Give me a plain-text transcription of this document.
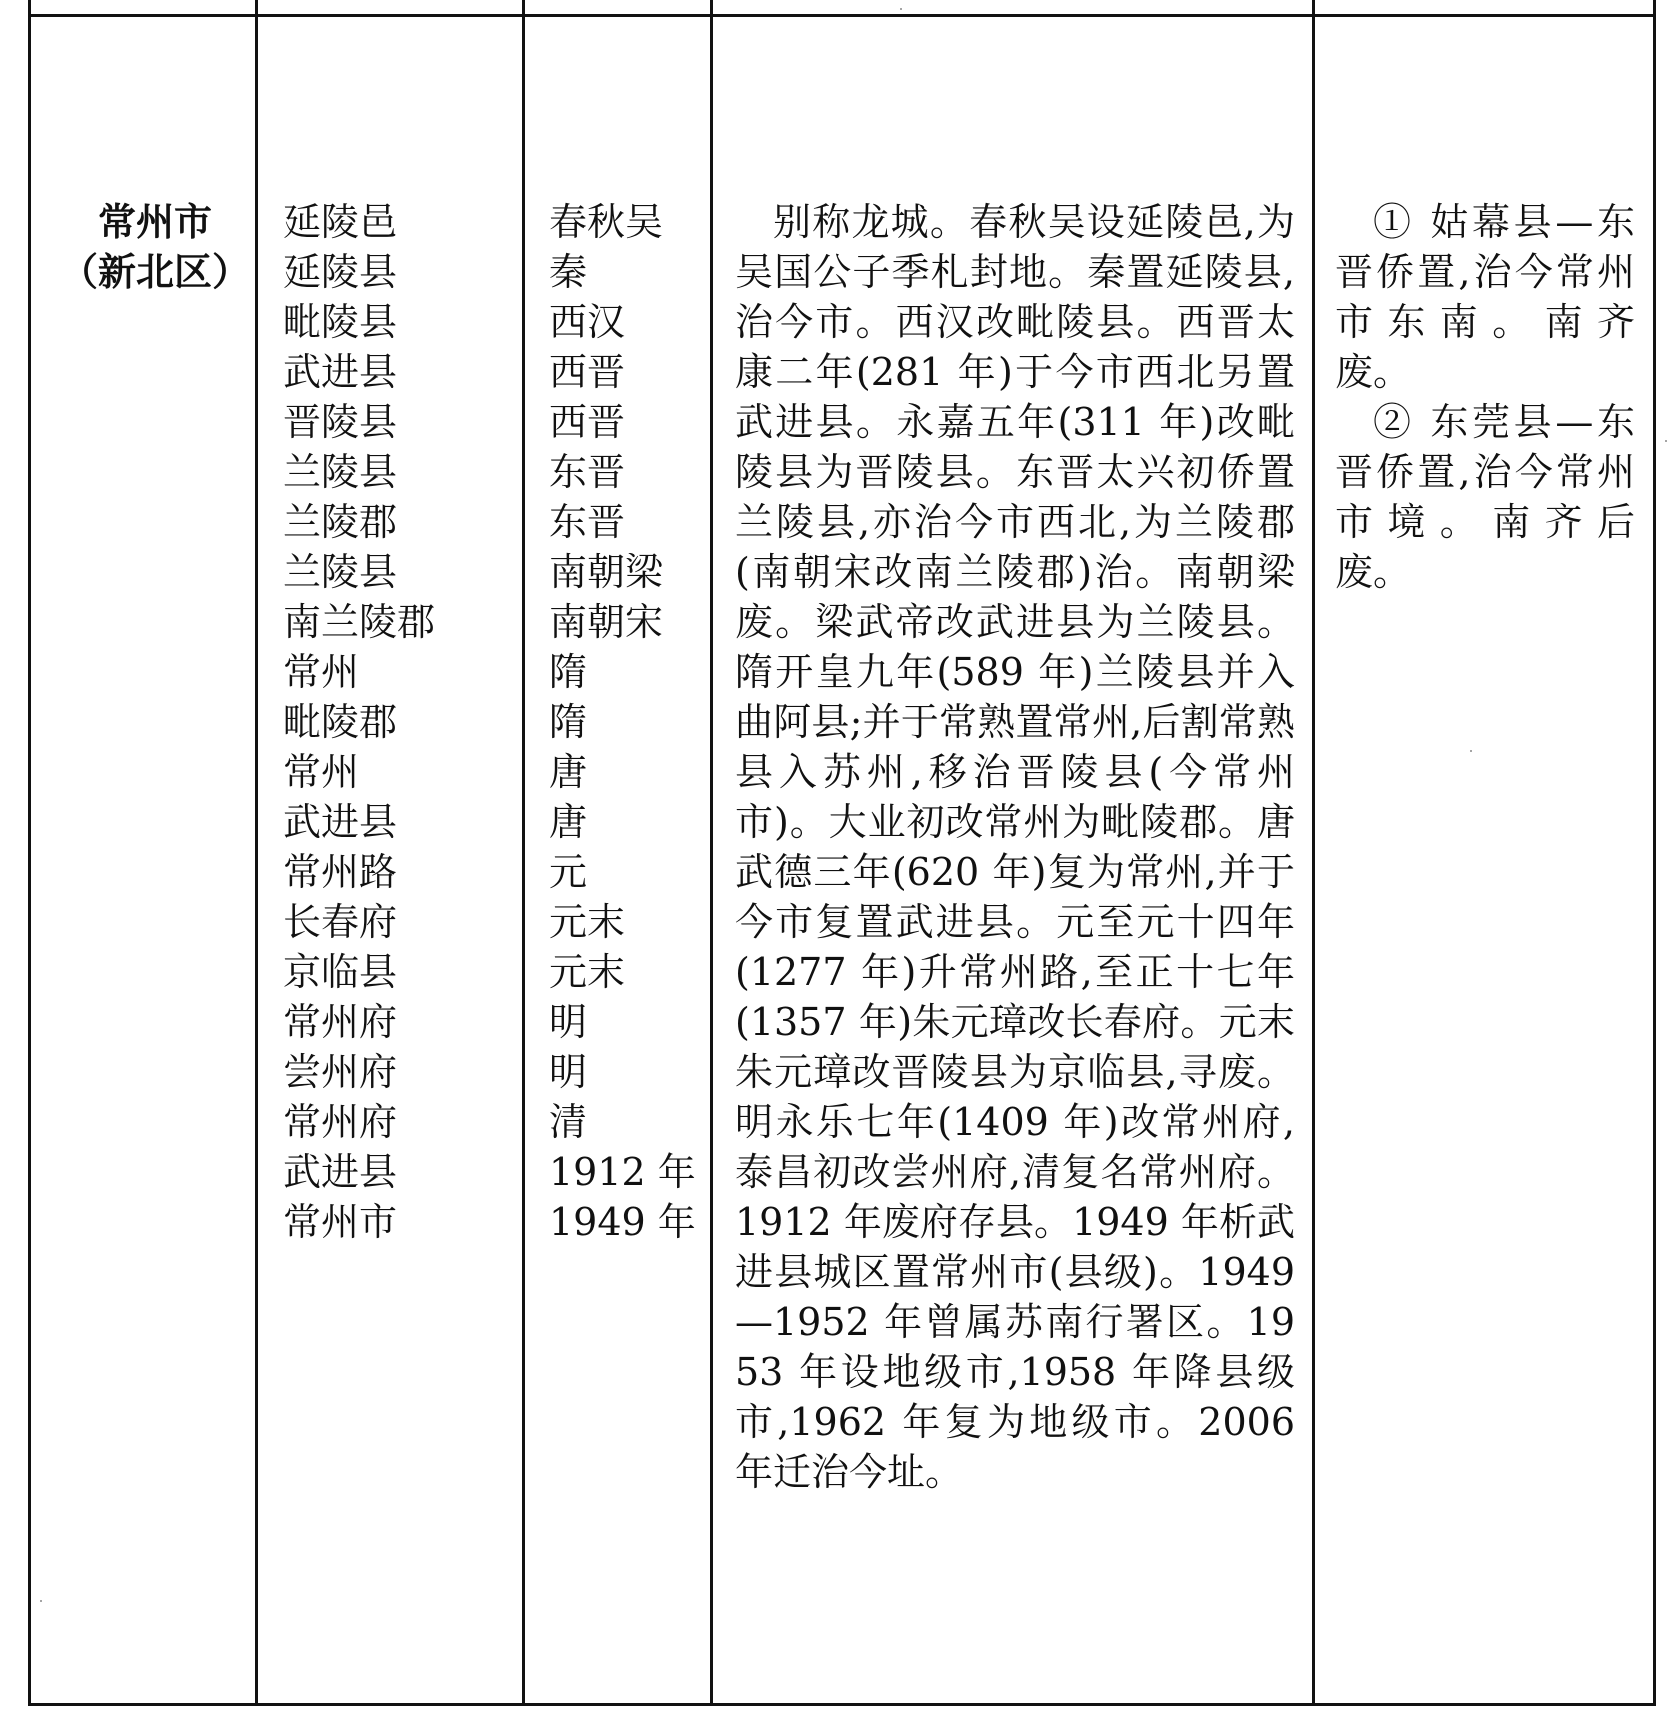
常州市
（新北区）
延陵邑
延陵县
毗陵县
武进县
晋陵县
兰陵县
兰陵郡
兰陵县
南兰陵郡
常州
毗陵郡
常州
武进县
常州路
长春府
京临县
常州府
尝州府
常州府
武进县
常州市
春秋吴
秦
西汉
西晋
西晋
东晋
东晋
南朝梁
南朝宋
隋
隋
唐
唐
元
元末
元末
明
明
清
1912 年
1949 年
别称龙城。春秋吴设延陵邑,为吴国公子季札封地。秦置延陵县,治今市。西汉改毗陵县。西晋太康二年(281 年)于今市西北另置武进县。永嘉五年(311 年)改毗陵县为晋陵县。东晋太兴初侨置兰陵县,亦治今市西北,为兰陵郡(南朝宋改南兰陵郡)治。南朝梁废。梁武帝改武进县为兰陵县。隋开皇九年(589 年)兰陵县并入曲阿县;并于常熟置常州,后割常熟县入苏州,移治晋陵县(今常州市)。大业初改常州为毗陵郡。唐武德三年(620 年)复为常州,并于今市复置武进县。元至元十四年(1277 年)升常州路,至正十七年(1357 年)朱元璋改长春府。元末朱元璋改晋陵县为京临县,寻废。明永乐七年(1409 年)改常州府,泰昌初改尝州府,清复名常州府。1912 年废府存县。1949 年析武进县城区置常州市(县级)。1949—1952 年曾属苏南行署区。1953 年设地级市,1958 年降县级市,1962 年复为地级市。2006 年迁治今址。

① 姑幕县—东晋侨置,治今常州市东南。南齐废。

② 东莞县—东晋侨置,治今常州市境。南齐后废。
